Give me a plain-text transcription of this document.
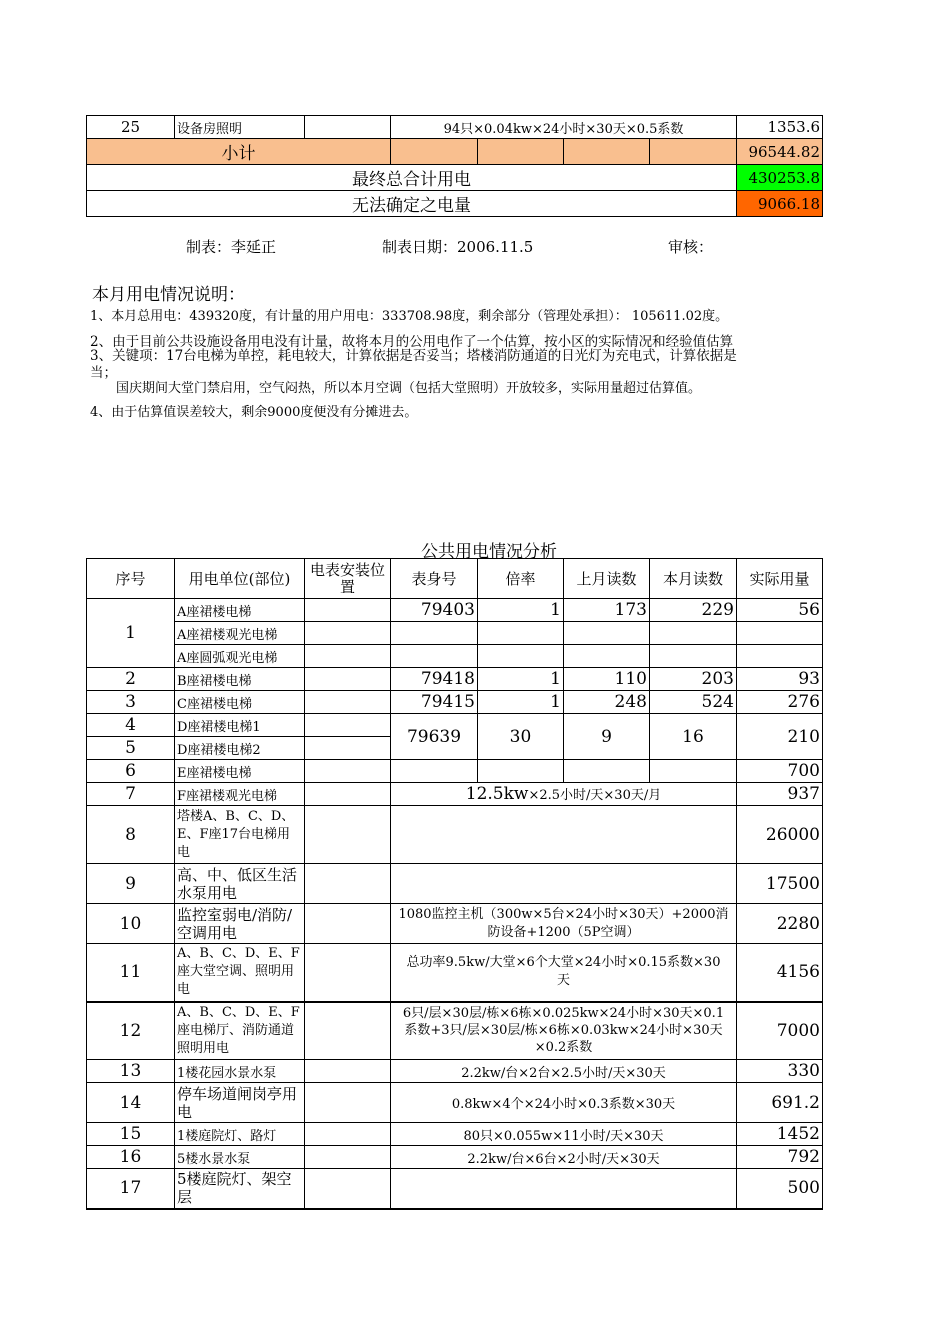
25	设备房照明		94只×0.04kw×24小时×30天×0.5系数				1353.6
小计							96544.82
最终总合计用电							430253.8
无法确定之电量							9066.18
制表：李延正	制表日期：2006.11.5	审核：
本月用电情况说明：
1、本月总用电：439320度，有计量的用户用电：333708.98度，剩余部分（管理处承担）： 105611.02度。
2、由于目前公共设施设备用电没有计量，故将本月的公用电作了一个估算，按小区的实际情况和经验值估算
3、关键项：17台电梯为单控，耗电较大，计算依据是否妥当；塔楼消防通道的日光灯为充电式，计算依据是
当；
国庆期间大堂门禁启用，空气闷热，所以本月空调（包括大堂照明）开放较多，实际用量超过估算值。
4、由于估算值误差较大，剩余9000度便没有分摊进去。
公共用电情况分析
序号	用电单位(部位)	电表安装位置	表身号	倍率	上月读数	本月读数	实际用量
1	A座裙楼电梯		79403	1	173	229	56
	A座裙楼观光电梯						
	A座圆弧观光电梯						
2	B座裙楼电梯		79418	1	110	203	93
3	C座裙楼电梯		79415	1	248	524	276
4	D座裙楼电梯1		79639	30	9	16	210
5	D座裙楼电梯2						
6	E座裙楼电梯						700
7	F座裙楼观光电梯		12.5kw×2.5小时/天×30天/月				937
8	塔楼A、B、C、D、E、F座17台电梯用电						26000
9	高、中、低区生活水泵用电						17500
10	监控室弱电/消防/空调用电		1080监控主机（300w×5台×24小时×30天）+2000消防设备+1200（5P空调）				2280
11	A、B、C、D、E、F座大堂空调、照明用电		总功率9.5kw/大堂×6个大堂×24小时×0.15系数×30天				4156
12	A、B、C、D、E、F座电梯厅、消防通道照明用电		6只/层×30层/栋×6栋×0.025kw×24小时×30天×0.1系数+3只/层×30层/栋×6栋×0.03kw×24小时×30天×0.2系数				7000
13	1楼花园水景水泵		2.2kw/台×2台×2.5小时/天×30天				330
14	停车场道闸岗亭用电		0.8kw×4个×24小时×0.3系数×30天				691.2
15	1楼庭院灯、路灯		80只×0.055w×11小时/天×30天				1452
16	5楼水景水泵		2.2kw/台×6台×2小时/天×30天				792
17	5楼庭院灯、架空层						500
